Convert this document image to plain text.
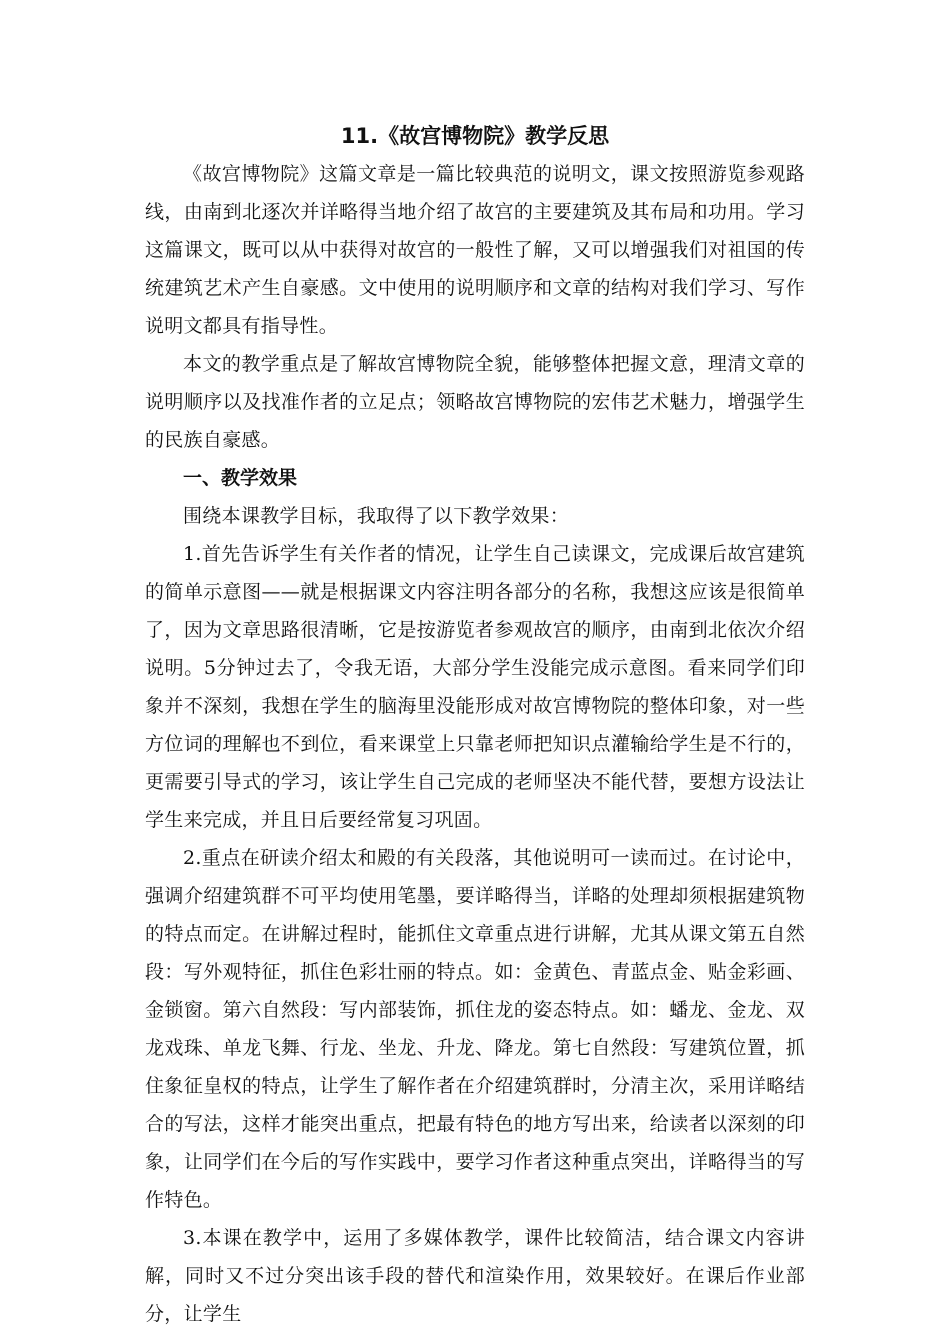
11.《故宫博物院》教学反思

《故宫博物院》这篇文章是一篇比较典范的说明文，课文按照游览参观路线，由南到北逐次并详略得当地介绍了故宫的主要建筑及其布局和功用。学习这篇课文，既可以从中获得对故宫的一般性了解，又可以增强我们对祖国的传统建筑艺术产生自豪感。文中使用的说明顺序和文章的结构对我们学习、写作说明文都具有指导性。

本文的教学重点是了解故宫博物院全貌，能够整体把握文意，理清文章的说明顺序以及找准作者的立足点；领略故宫博物院的宏伟艺术魅力，增强学生的民族自豪感。

一、教学效果

围绕本课教学目标，我取得了以下教学效果：

1.首先告诉学生有关作者的情况，让学生自己读课文，完成课后故宫建筑的简单示意图——就是根据课文内容注明各部分的名称，我想这应该是很简单了，因为文章思路很清晰，它是按游览者参观故宫的顺序，由南到北依次介绍说明。5分钟过去了，令我无语，大部分学生没能完成示意图。看来同学们印象并不深刻，我想在学生的脑海里没能形成对故宫博物院的整体印象，对一些方位词的理解也不到位，看来课堂上只靠老师把知识点灌输给学生是不行的，更需要引导式的学习，该让学生自己完成的老师坚决不能代替，要想方设法让学生来完成，并且日后要经常复习巩固。

2.重点在研读介绍太和殿的有关段落，其他说明可一读而过。在讨论中，强调介绍建筑群不可平均使用笔墨，要详略得当，详略的处理却须根据建筑物的特点而定。在讲解过程时，能抓住文章重点进行讲解，尤其从课文第五自然段：写外观特征，抓住色彩壮丽的特点。如：金黄色、青蓝点金、贴金彩画、金锁窗。第六自然段：写内部装饰，抓住龙的姿态特点。如：蟠龙、金龙、双龙戏珠、单龙飞舞、行龙、坐龙、升龙、降龙。第七自然段：写建筑位置，抓住象征皇权的特点，让学生了解作者在介绍建筑群时，分清主次，采用详略结合的写法，这样才能突出重点，把最有特色的地方写出来，给读者以深刻的印象，让同学们在今后的写作实践中，要学习作者这种重点突出，详略得当的写作特色。

3.本课在教学中，运用了多媒体教学，课件比较简洁，结合课文内容讲解，同时又不过分突出该手段的替代和渲染作用，效果较好。在课后作业部分，让学生
